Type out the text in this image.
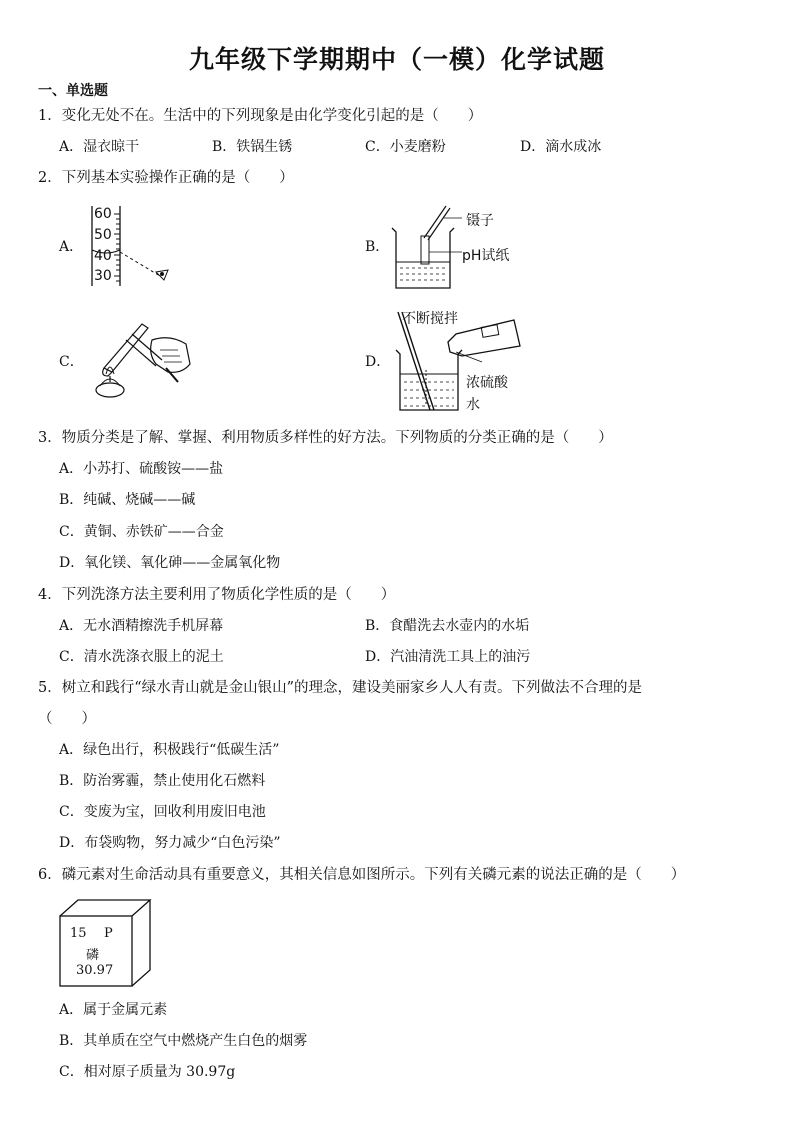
九年级下学期期中（一模）化学试题
一、单选题
1．变化无处不在。生活中的下列现象是由化学变化引起的是（　　）
A．湿衣晾干	B．铁锅生锈	C．小麦磨粉	D．滴水成冰
2．下列基本实验操作正确的是（　　）
A．
60
50
40
30
B．
镊子
pH试纸
C．	D．
不断搅拌
浓硫酸
水
3．物质分类是了解、掌握、利用物质多样性的好方法。下列物质的分类正确的是（　　）
A．小苏打、硫酸铵——盐
B．纯碱、烧碱——碱
C．黄铜、赤铁矿——合金
D．氧化镁、氧化砷——金属氧化物
4．下列洗涤方法主要利用了物质化学性质的是（　　）
A．无水酒精擦洗手机屏幕	B．食醋洗去水壶内的水垢
C．清水洗涤衣服上的泥土	D．汽油清洗工具上的油污
5．树立和践行“绿水青山就是金山银山”的理念，建设美丽家乡人人有责。下列做法不合理的是
（　　）
A．绿色出行，积极践行“低碳生活”
B．防治雾霾，禁止使用化石燃料
C．变废为宝，回收利用废旧电池
D．布袋购物，努力减少“白色污染”
6．磷元素对生命活动具有重要意义，其相关信息如图所示。下列有关磷元素的说法正确的是（　　）
15 P
磷
30.97
A．属于金属元素
B．其单质在空气中燃烧产生白色的烟雾
C．相对原子质量为 30.97g
